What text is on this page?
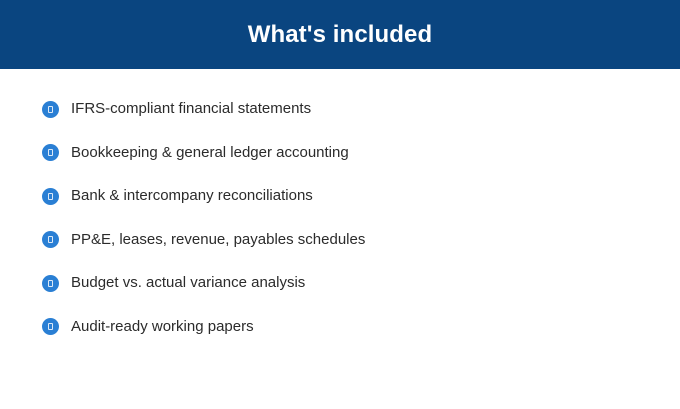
What's included
IFRS-compliant financial statements
Bookkeeping & general ledger accounting
Bank & intercompany reconciliations
PP&E, leases, revenue, payables schedules
Budget vs. actual variance analysis
Audit-ready working papers
